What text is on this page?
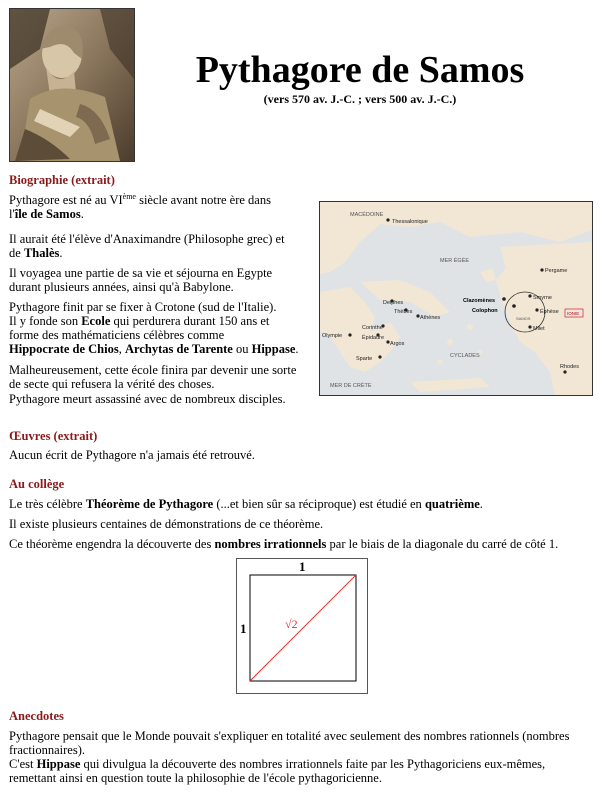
Pythagore de Samos
(vers 570 av. J.-C. ; vers 500 av. J.-C.)
Biographie (extrait)
Pythagore est né au VIème siècle avant notre ère dans
l'île de Samos.
Il aurait été l'élève d'Anaximandre (Philosophe grec) et
de Thalès.
Il voyagea une partie de sa vie et séjourna en Egypte
durant plusieurs années, ainsi qu'à Babylone.
Pythagore finit par se fixer à Crotone (sud de l'Italie).
Il y fonde son Ecole qui perdurera durant 150 ans et
forme des mathématiciens célèbres comme
Hippocrate de Chios, Archytas de Tarente ou Hippase.
Malheureusement, cette école finira par devenir une sorte
de secte qui refusera la vérité des choses.
Pythagore meurt assassiné avec de nombreux disciples.
MACÉDOINE
Thessalonique
MER ÉGÉE
Pergame
Delphes
Thèbes
Athènes
Clazomènes
Colophon
Smyrne
Éphèse
SAMOS
Milet
IONIE
Corinthe
Épidaure
Olympie
Argos
Sparte	CYCLADES
Rhodes
MER DE CRÈTE
Œuvres (extrait)
Aucun écrit de Pythagore n'a jamais été retrouvé.
Au collège
Le très célèbre Théorème de Pythagore (...et bien sûr sa réciproque) est étudié en quatrième.
Il existe plusieurs centaines de démonstrations de ce théorème.
Ce théorème engendra la découverte des nombres irrationnels par le biais de la diagonale du carré de côté 1.
1
1	√2
Anecdotes
Pythagore pensait que le Monde pouvait s'expliquer en totalité avec seulement des nombres rationnels (nombres
fractionnaires).
C'est Hippase qui divulgua la découverte des nombres irrationnels faite par les Pythagoriciens eux-mêmes,
remettant ainsi en question toute la philosophie de l'école pythagoricienne.
